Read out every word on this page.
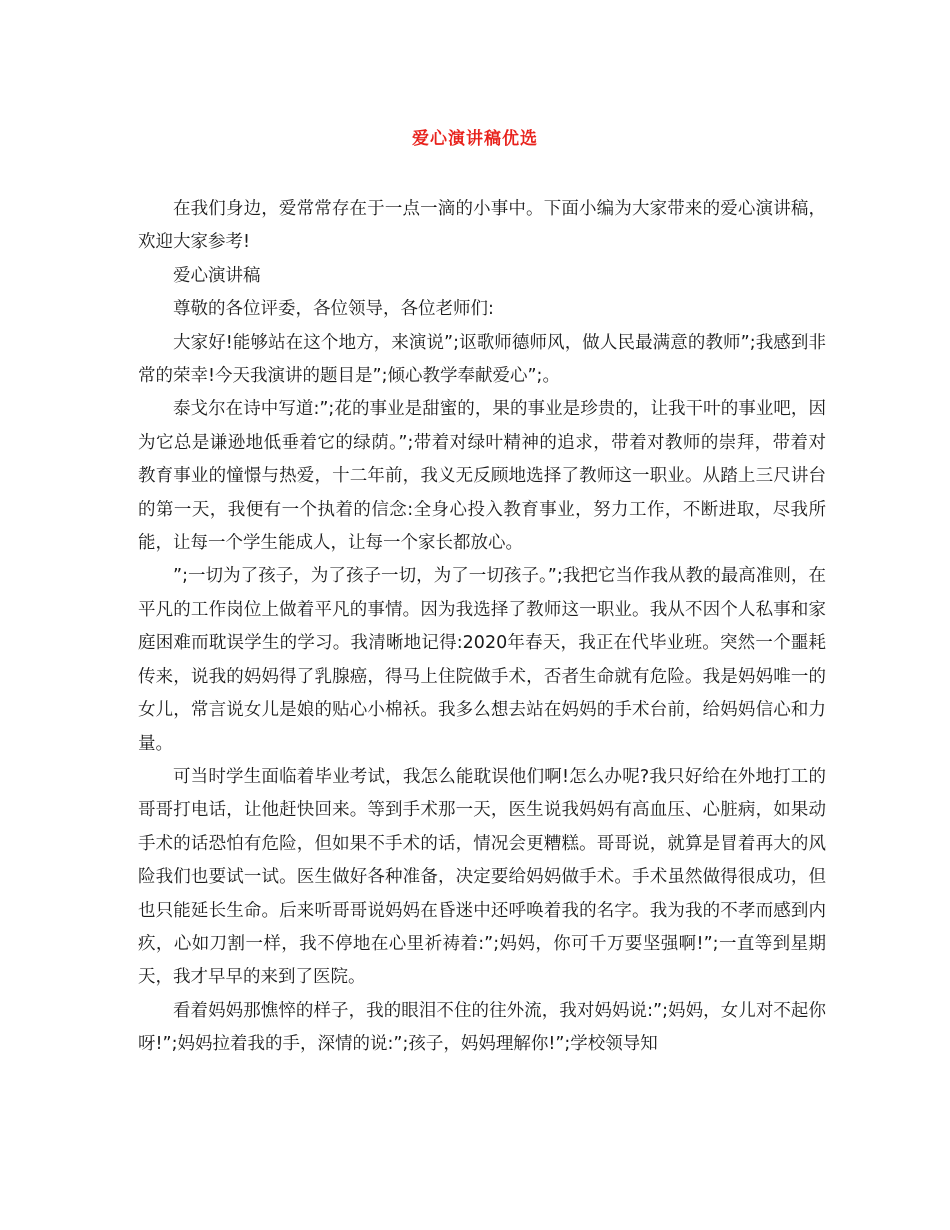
爱心演讲稿优选

在我们身边，爱常常存在于一点一滴的小事中。下面小编为大家带来的爱心演讲稿，欢迎大家参考!

爱心演讲稿

尊敬的各位评委，各位领导，各位老师们:

大家好!能够站在这个地方，来演说”;讴歌师德师风，做人民最满意的教师”;我感到非常的荣幸!今天我演讲的题目是”;倾心教学奉献爱心”;。

泰戈尔在诗中写道:”;花的事业是甜蜜的，果的事业是珍贵的，让我干叶的事业吧，因为它总是谦逊地低垂着它的绿荫。”;带着对绿叶精神的追求，带着对教师的崇拜，带着对教育事业的憧憬与热爱，十二年前，我义无反顾地选择了教师这一职业。从踏上三尺讲台的第一天，我便有一个执着的信念:全身心投入教育事业，努力工作，不断进取，尽我所能，让每一个学生能成人，让每一个家长都放心。

”;一切为了孩子，为了孩子一切，为了一切孩子。”;我把它当作我从教的最高准则，在平凡的工作岗位上做着平凡的事情。因为我选择了教师这一职业。我从不因个人私事和家庭困难而耽误学生的学习。我清晰地记得:2020年春天，我正在代毕业班。突然一个噩耗传来，说我的妈妈得了乳腺癌，得马上住院做手术，否者生命就有危险。我是妈妈唯一的女儿，常言说女儿是娘的贴心小棉袄。我多么想去站在妈妈的手术台前，给妈妈信心和力量。

可当时学生面临着毕业考试，我怎么能耽误他们啊!怎么办呢?我只好给在外地打工的哥哥打电话，让他赶快回来。等到手术那一天，医生说我妈妈有高血压、心脏病，如果动手术的话恐怕有危险，但如果不手术的话，情况会更糟糕。哥哥说，就算是冒着再大的风险我们也要试一试。医生做好各种准备，决定要给妈妈做手术。手术虽然做得很成功，但也只能延长生命。后来听哥哥说妈妈在昏迷中还呼唤着我的名字。我为我的不孝而感到内疚，心如刀割一样，我不停地在心里祈祷着:”;妈妈，你可千万要坚强啊!”;一直等到星期天，我才早早的来到了医院。

看着妈妈那憔悴的样子，我的眼泪不住的往外流，我对妈妈说:”;妈妈，女儿对不起你呀!”;妈妈拉着我的手，深情的说:”;孩子，妈妈理解你!”;学校领导知
